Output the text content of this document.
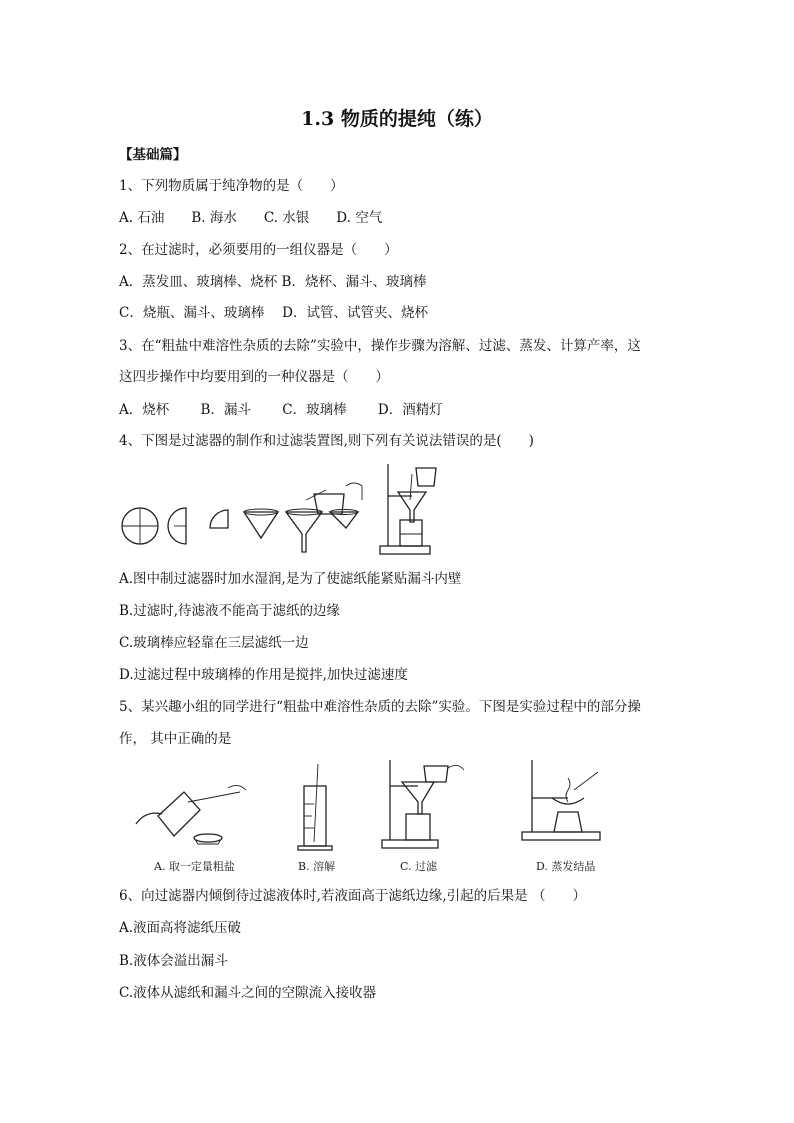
1.3 物质的提纯（练）
【基础篇】
1、下列物质属于纯净物的是（　　）
A. 石油　　B. 海水　　C. 水银　　D. 空气
2、在过滤时，必须要用的一组仪器是（　　）
A．蒸发皿、玻璃棒、烧杯 B．烧杯、漏斗、玻璃棒
C．烧瓶、漏斗、玻璃棒　 D．试管、试管夹、烧杯
3、在“粗盐中难溶性杂质的去除”实验中，操作步骤为溶解、过滤、蒸发、计算产率，这
这四步操作中均要用到的一种仪器是（　　）
A．烧杯　　 B．漏斗　　 C．玻璃棒　　 D．酒精灯
4、下图是过滤器的制作和过滤装置图,则下列有关说法错误的是(　　)
A.图中制过滤器时加水湿润,是为了使滤纸能紧贴漏斗内壁
B.过滤时,待滤液不能高于滤纸的边缘
C.玻璃棒应轻靠在三层滤纸一边
D.过滤过程中玻璃棒的作用是搅拌,加快过滤速度
5、某兴趣小组的同学进行“粗盐中难溶性杂质的去除”实验。下图是实验过程中的部分操
作， 其中正确的是
A. 取一定量粗盐	B. 溶解	C. 过滤	D. 蒸发结晶
6、向过滤器内倾倒待过滤液体时,若液面高于滤纸边缘,引起的后果是 （　　）
A.液面高将滤纸压破
B.液体会溢出漏斗
C.液体从滤纸和漏斗之间的空隙流入接收器
